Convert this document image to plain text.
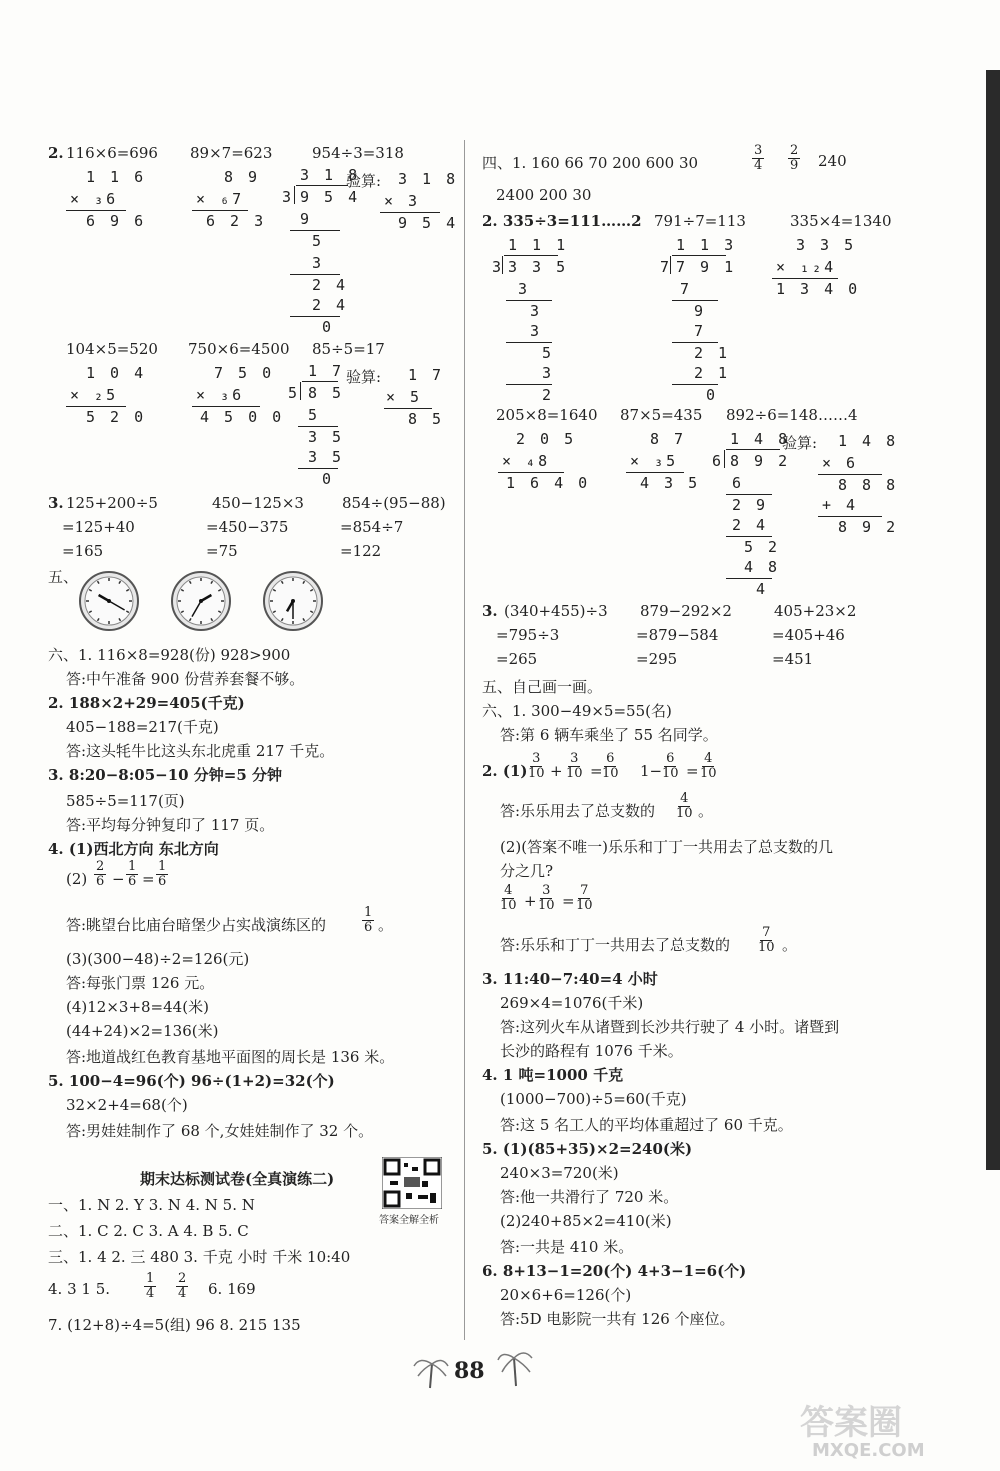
2. 116×6=696 89×7=623	954÷3=318
1 1 6
× ₃6
6 9 6
8 9
× ₆7
6 2 3
3 1 8
3 9 5 4
9
5
3
2 4
2 4
0
验算: 3 1 8
× 3
9 5 4
104×5=520 750×6=4500 85÷5=17
1 0 4
× ₂5
5 2 0
7 5 0
× ₃6
4 5 0 0
1 7
5 8 5
5
3 5
3 5
0
验算: 1 7
× 5
8 5
3. 125+200÷5
=125+40
=165
450−125×3
=450−375
=75
854÷(95−88)
=854÷7
=122
五、
六、1. 116×8=928(份) 928>900
答:中午准备 900 份营养套餐不够。
2. 188×2+29=405(千克)
405−188=217(千克)
答:这头牦牛比这头东北虎重 217 千克。
3. 8:20−8:05−10 分钟=5 分钟
585÷5=117(页)
答:平均每分钟复印了 117 页。
4. (1)西北方向 东北方向
$(2) \frac{2}{6} - \frac{1}{6} = \frac{1}{6}$
答:眺望台比庙台暗堡少占实战演练区的	$\frac{1}{6}$ 。
(3)(300−48)÷2=126(元)
答:每张门票 126 元。
(4)12×3+8=44(米)
(44+24)×2=136(米)
答:地道战红色教育基地平面图的周长是 136 米。
5. 100−4=96(个) 96÷(1+2)=32(个)
32×2+4=68(个)
答:男娃娃制作了 68 个,女娃娃制作了 32 个。
期末达标测试卷(全真演练二)
答案全解全析
一、1. N 2. Y 3. N 4. N 5. N
二、1. C 2. C 3. A 4. B 5. C
三、1. 4 2. 三 480 3. 千克 小时 千米 10:40
4. 3 1 5.	$\frac{1}{4} \frac{2}{4} 6$. 169
7. (12+8)÷4=5(组) 96 8. 215 135
四、1. 160 66 70 200 600 30	$\frac{3}{4} \frac{2}{9} 240$
2400 200 30
2. 335÷3=111……2 791÷7=113	335×4=1340
1 1 1
3 3 3 5
3
3
3
5
3
2
1 1 3
7 7 9 1
7
9
7
2 1
2 1
0
3 3 5
× ₁₂4
1 3 4 0
205×8=1640 87×5=435 892÷6=148……4
2 0 5
× ₄8
1 6 4 0
8 7
× ₃5
4 3 5
1 4 8
6 8 9 2
6
2 9
2 4
5 2
4 8
4
验算: 1 4 8
× 6
8 8 8
+ 4
8 9 2
3. (340+455)÷3
=795÷3
=265
879−292×2
=879−584
=295
405+23×2
=405+46
=451
五、自己画一画。
六、1. 300−49×5=55(名)
答:第 6 辆车乘坐了 55 名同学。
2. $(1) \frac{3}{10} + \frac{3}{10} = \frac{6}{10} 1- \frac{6}{10} = \frac{4}{10}$
答:乐乐用去了总支数的 $\frac{4}{10}$ 。
(2)(答案不唯一)乐乐和丁丁一共用去了总支数的几
分之几?
$\frac{4}{10} + \frac{3}{10} = \frac{7}{10}$
答:乐乐和丁丁一共用去了总支数的 $\frac{7}{10}$ 。
3. 11:40−7:40=4 小时
269×4=1076(千米)
答:这列火车从诸暨到长沙共行驶了 4 小时。诸暨到
长沙的路程有 1076 千米。
4. 1 吨=1000 千克
(1000−700)÷5=60(千克)
答:这 5 名工人的平均体重超过了 60 千克。
5. (1)(85+35)×2=240(米)
240×3=720(米)
答:他一共滑行了 720 米。
(2)240+85×2=410(米)
答:一共是 410 米。
6. 8+13−1=20(个) 4+3−1=6(个)
20×6+6=126(个)
答:5D 电影院一共有 126 个座位。
88
答案圈
MXQE.COM
